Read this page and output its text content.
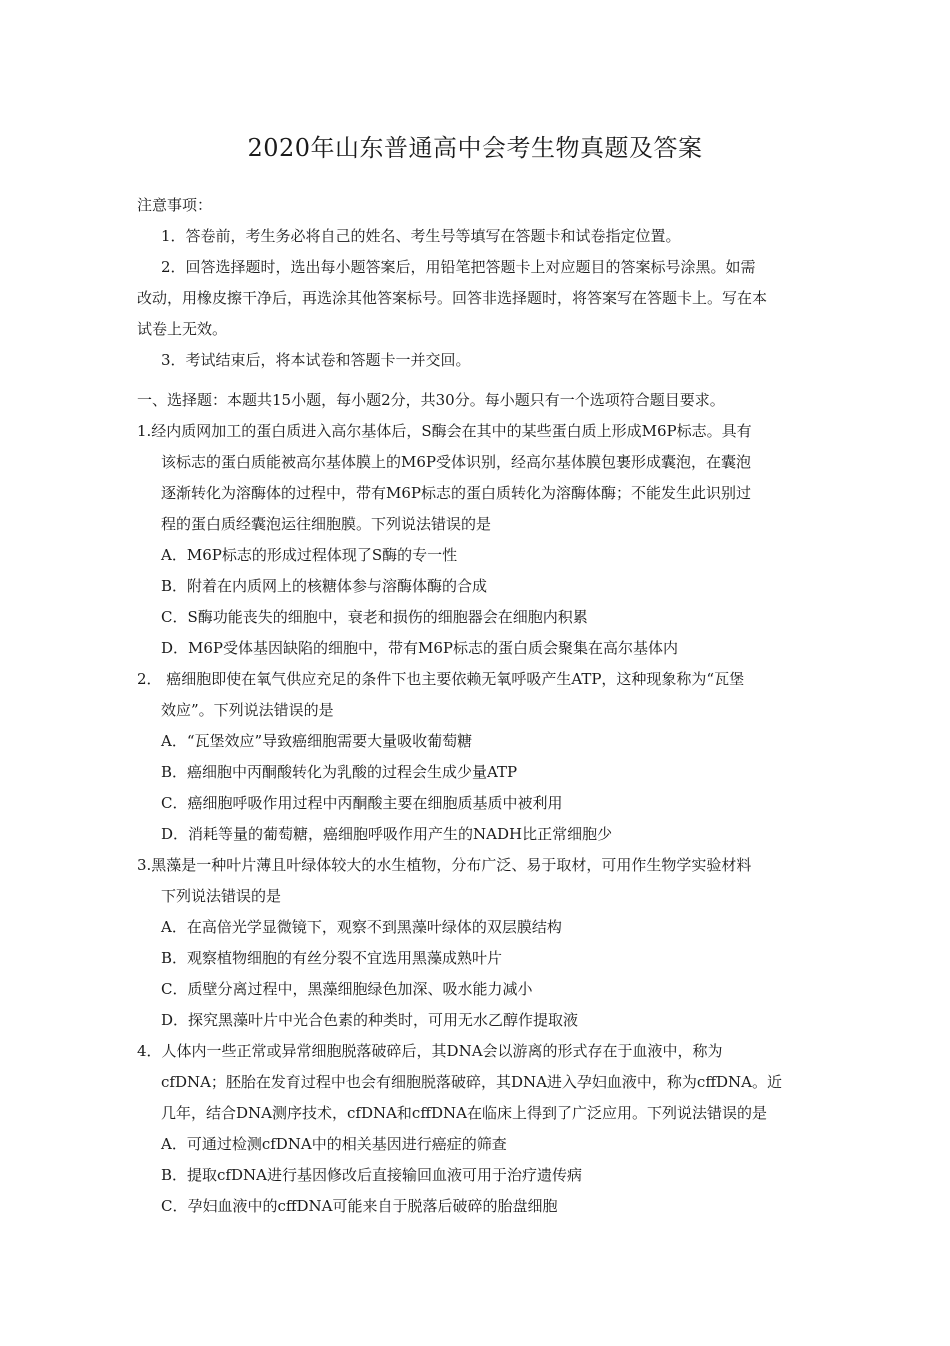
2020年山东普通高中会考生物真题及答案
注意事项：
1．答卷前，考生务必将自己的姓名、考生号等填写在答题卡和试卷指定位置。
2．回答选择题时，选出每小题答案后，用铅笔把答题卡上对应题目的答案标号涂黑。如需
改动，用橡皮擦干净后，再选涂其他答案标号。回答非选择题时，将答案写在答题卡上。写在本
试卷上无效。
3．考试结束后，将本试卷和答题卡一并交回。
一、选择题：本题共15小题，每小题2分，共30分。每小题只有一个选项符合题目要求。
1.经内质网加工的蛋白质进入高尔基体后，S酶会在其中的某些蛋白质上形成M6P标志。具有
该标志的蛋白质能被高尔基体膜上的M6P受体识别，经高尔基体膜包裹形成囊泡，在囊泡
逐渐转化为溶酶体的过程中，带有M6P标志的蛋白质转化为溶酶体酶；不能发生此识别过
程的蛋白质经囊泡运往细胞膜。下列说法错误的是
A．M6P标志的形成过程体现了S酶的专一性
B．附着在内质网上的核糖体参与溶酶体酶的合成
C．S酶功能丧失的细胞中，衰老和损伤的细胞器会在细胞内积累
D．M6P受体基因缺陷的细胞中，带有M6P标志的蛋白质会聚集在高尔基体内
2． 癌细胞即使在氧气供应充足的条件下也主要依赖无氧呼吸产生ATP，这种现象称为“瓦堡
效应”。下列说法错误的是
A．“瓦堡效应”导致癌细胞需要大量吸收葡萄糖
B．癌细胞中丙酮酸转化为乳酸的过程会生成少量ATP
C．癌细胞呼吸作用过程中丙酮酸主要在细胞质基质中被利用
D．消耗等量的葡萄糖，癌细胞呼吸作用产生的NADH比正常细胞少
3.黑藻是一种叶片薄且叶绿体较大的水生植物，分布广泛、易于取材，可用作生物学实验材料
下列说法错误的是
A．在高倍光学显微镜下，观察不到黑藻叶绿体的双层膜结构
B．观察植物细胞的有丝分裂不宜选用黑藻成熟叶片
C．质壁分离过程中，黑藻细胞绿色加深、吸水能力减小
D．探究黑藻叶片中光合色素的种类时，可用无水乙醇作提取液
4．人体内一些正常或异常细胞脱落破碎后，其DNA会以游离的形式存在于血液中，称为
cfDNA；胚胎在发育过程中也会有细胞脱落破碎，其DNA进入孕妇血液中，称为cffDNA。近
几年，结合DNA测序技术，cfDNA和cffDNA在临床上得到了广泛应用。下列说法错误的是
A．可通过检测cfDNA中的相关基因进行癌症的筛查
B．提取cfDNA进行基因修改后直接输回血液可用于治疗遗传病
C．孕妇血液中的cffDNA可能来自于脱落后破碎的胎盘细胞
